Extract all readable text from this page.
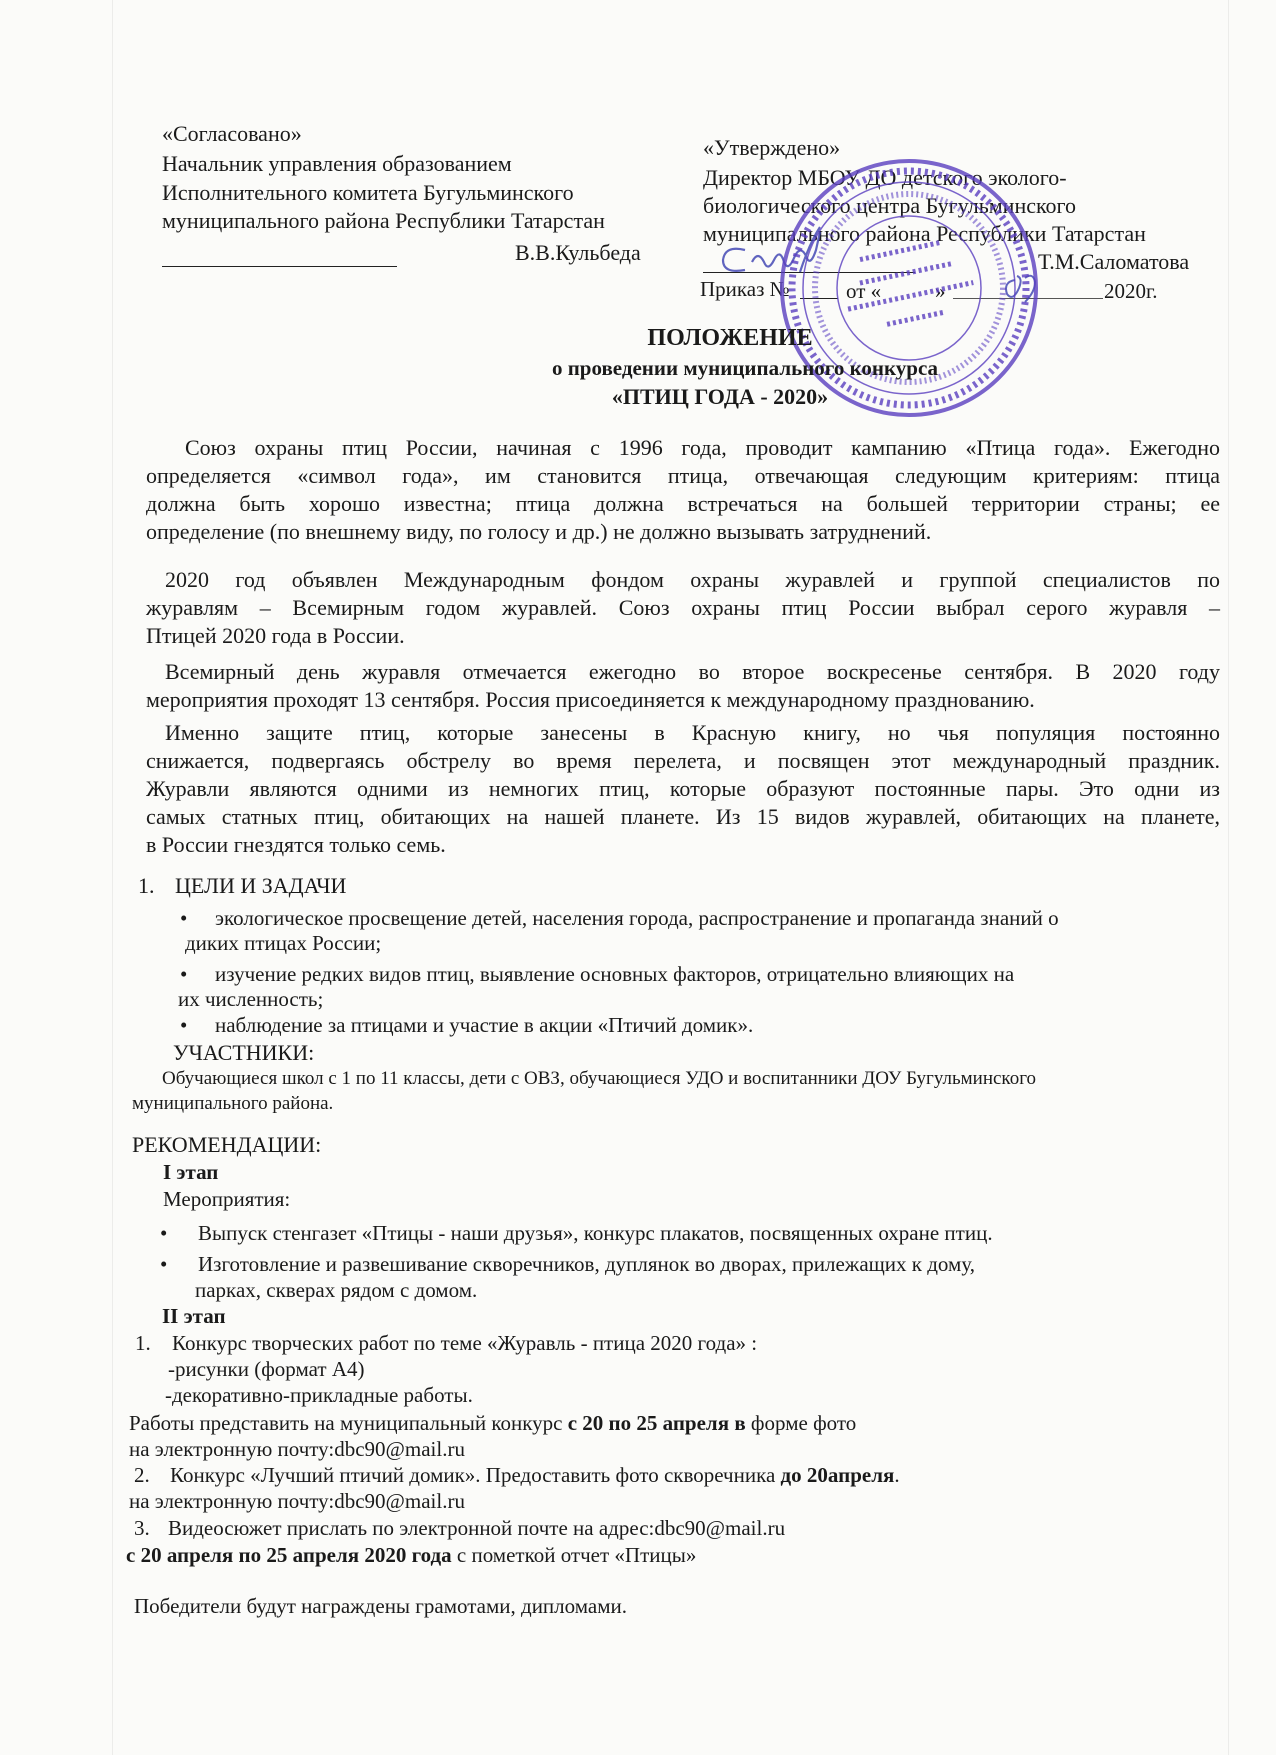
«Согласовано»
Начальник управления образованием
Исполнительного комитета Бугульминского
муниципального района Республики Татарстан
В.В.Кульбеда
«Утверждено»
Директор МБОУ ДО детского эколого-
биологического центра Бугульминского
муниципального района Республики Татарстан
Т.М.Саломатова
Приказ №	от «	»	2020г.
ПОЛОЖЕНИЕ
о проведении муниципального конкурса
«ПТИЦ ГОДА - 2020»
Союз охраны птиц России, начиная с 1996 года, проводит кампанию «Птица года». Ежегодно
определяется «символ года», им становится птица, отвечающая следующим критериям: птица
должна быть хорошо известна; птица должна встречаться на большей территории страны; ее
определение (по внешнему виду, по голосу и др.) не должно вызывать затруднений.
2020 год объявлен Международным фондом охраны журавлей и группой специалистов по
журавлям – Всемирным годом журавлей. Союз охраны птиц России выбрал серого журавля –
Птицей 2020 года в России.
Всемирный день журавля отмечается ежегодно во второе воскресенье сентября. В 2020 году
мероприятия проходят 13 сентября. Россия присоединяется к международному празднованию.
Именно защите птиц, которые занесены в Красную книгу, но чья популяция постоянно
снижается, подвергаясь обстрелу во время перелета, и посвящен этот международный праздник.
Журавли являются одними из немногих птиц, которые образуют постоянные пары. Это одни из
самых статных птиц, обитающих на нашей планете. Из 15 видов журавлей, обитающих на планете,
в России гнездятся только семь.
1. ЦЕЛИ И ЗАДАЧИ
• экологическое просвещение детей, населения города, распространение и пропаганда знаний о
диких птицах России;
• изучение редких видов птиц, выявление основных факторов, отрицательно влияющих на
их численность;
• наблюдение за птицами и участие в акции «Птичий домик».
УЧАСТНИКИ:
Обучающиеся школ с 1 по 11 классы, дети с ОВЗ, обучающиеся УДО и воспитанники ДОУ Бугульминского
муниципального района.
РЕКОМЕНДАЦИИ:
I этап
Мероприятия:
• Выпуск стенгазет «Птицы - наши друзья», конкурс плакатов, посвященных охране птиц.
• Изготовление и развешивание скворечников, дуплянок во дворах, прилежащих к дому,
парках, скверах рядом с домом.
II этап
1. Конкурс творческих работ по теме «Журавль - птица 2020 года» :
-рисунки (формат А4)
-декоративно-прикладные работы.
Работы представить на муниципальный конкурс с 20 по 25 апреля в форме фото
на электронную почту:dbc90@mail.ru
2. Конкурс «Лучший птичий домик». Предоставить фото скворечника до 20апреля.
на электронную почту:dbc90@mail.ru
3. Видеосюжет прислать по электронной почте на адрес:dbc90@mail.ru
с 20 апреля по 25 апреля 2020 года с пометкой отчет «Птицы»
Победители будут награждены грамотами, дипломами.
